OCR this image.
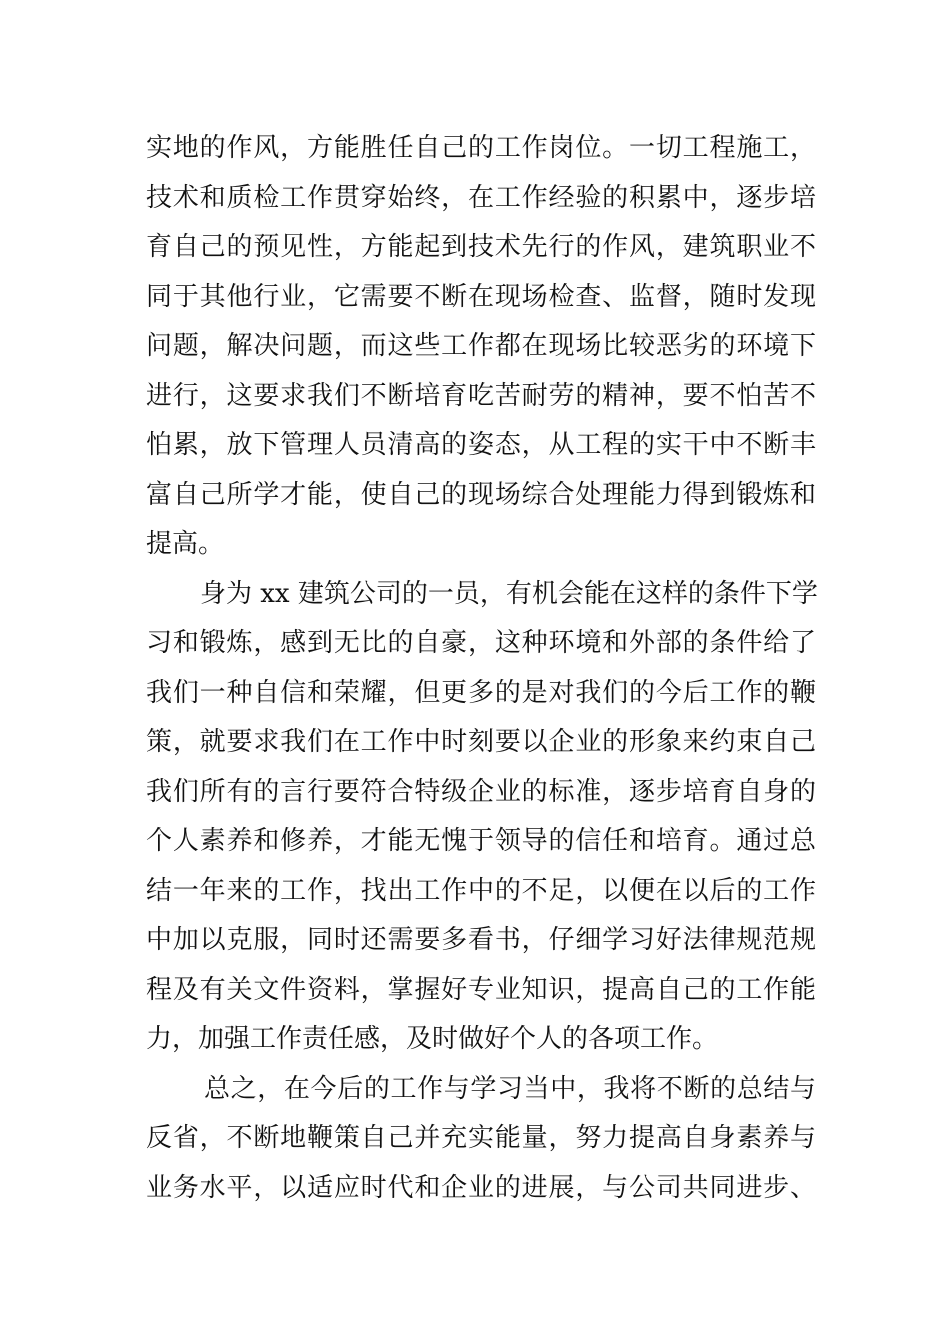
实地的作风，方能胜任自己的工作岗位。一切工程施工，
技术和质检工作贯穿始终，在工作经验的积累中，逐步培
育自己的预见性，方能起到技术先行的作风，建筑职业不
同于其他行业，它需要不断在现场检查、监督，随时发现
问题，解决问题，而这些工作都在现场比较恶劣的环境下
进行，这要求我们不断培育吃苦耐劳的精神，要不怕苦不
怕累，放下管理人员清高的姿态，从工程的实干中不断丰
富自己所学才能，使自己的现场综合处理能力得到锻炼和
提高。
身为 xx 建筑公司的一员，有机会能在这样的条件下学
习和锻炼，感到无比的自豪，这种环境和外部的条件给了
我们一种自信和荣耀，但更多的是对我们的今后工作的鞭
策，就要求我们在工作中时刻要以企业的形象来约束自己
我们所有的言行要符合特级企业的标准，逐步培育自身的
个人素养和修养，才能无愧于领导的信任和培育。通过总
结一年来的工作，找出工作中的不足，以便在以后的工作
中加以克服，同时还需要多看书，仔细学习好法律规范规
程及有关文件资料，掌握好专业知识，提高自己的工作能
力，加强工作责任感，及时做好个人的各项工作。
总之，在今后的工作与学习当中，我将不断的总结与
反省，不断地鞭策自己并充实能量，努力提高自身素养与
业务水平，以适应时代和企业的进展，与公司共同进步、
